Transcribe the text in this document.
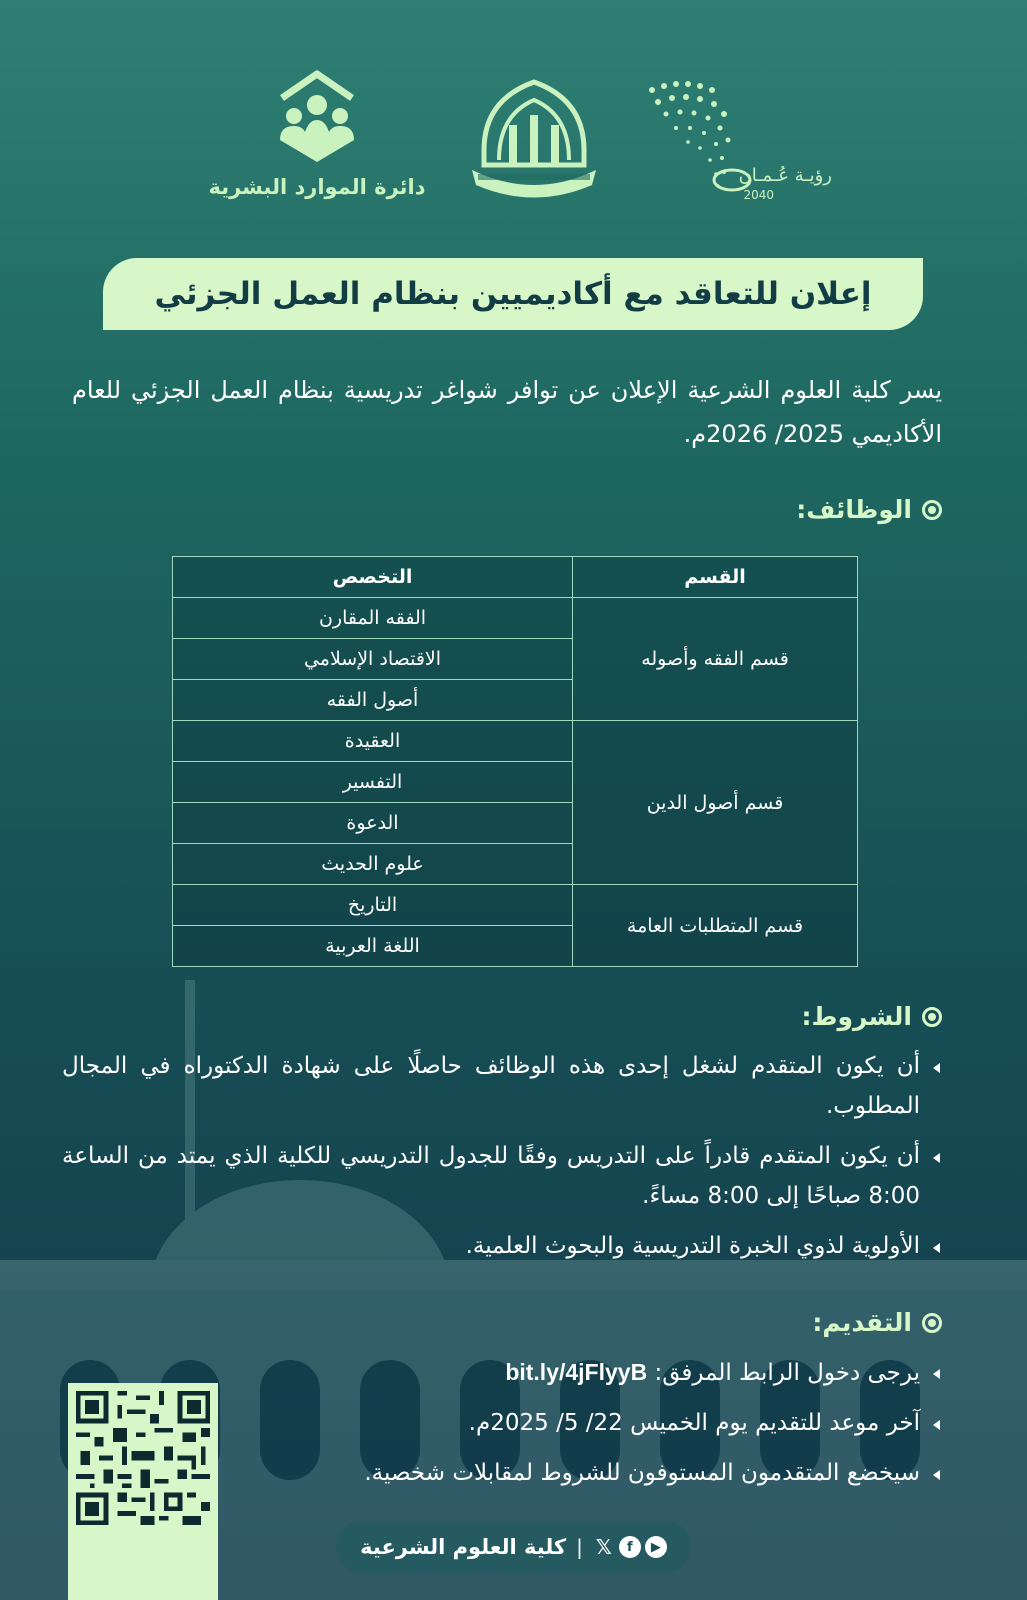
دائرة الموارد البشرية	رؤيـة عُـمـان
2040
إعلان للتعاقد مع أكاديميين بنظام العمل الجزئي

يسر كلية العلوم الشرعية الإعلان عن توافر شواغر تدريسية بنظام العمل الجزئي للعام الأكاديمي 2025/ 2026م.

الوظائف:
القسم	التخصص
قسم الفقه وأصوله	الفقه المقارن
	الاقتصاد الإسلامي
	أصول الفقه
قسم أصول الدين	العقيدة
	التفسير
	الدعوة
	علوم الحديث
قسم المتطلبات العامة	التاريخ
	اللغة العربية
الشروط:
أن يكون المتقدم لشغل إحدى هذه الوظائف حاصلًا على شهادة الدكتوراه في المجال المطلوب.
أن يكون المتقدم قادراً على التدريس وفقًا للجدول التدريسي للكلية الذي يمتد من الساعة 8:00 صباحًا إلى 8:00 مساءً.
الأولوية لذوي الخبرة التدريسية والبحوث العلمية.
التقديم:
يرجى دخول الرابط المرفق: bit.ly/4jFlyyB
آخر موعد للتقديم يوم الخميس 22/ 5/ 2025م.
سيخضع المتقدمون المستوفون للشروط لمقابلات شخصية.
𝕏	f	▶
|
كلية العلوم الشرعية
